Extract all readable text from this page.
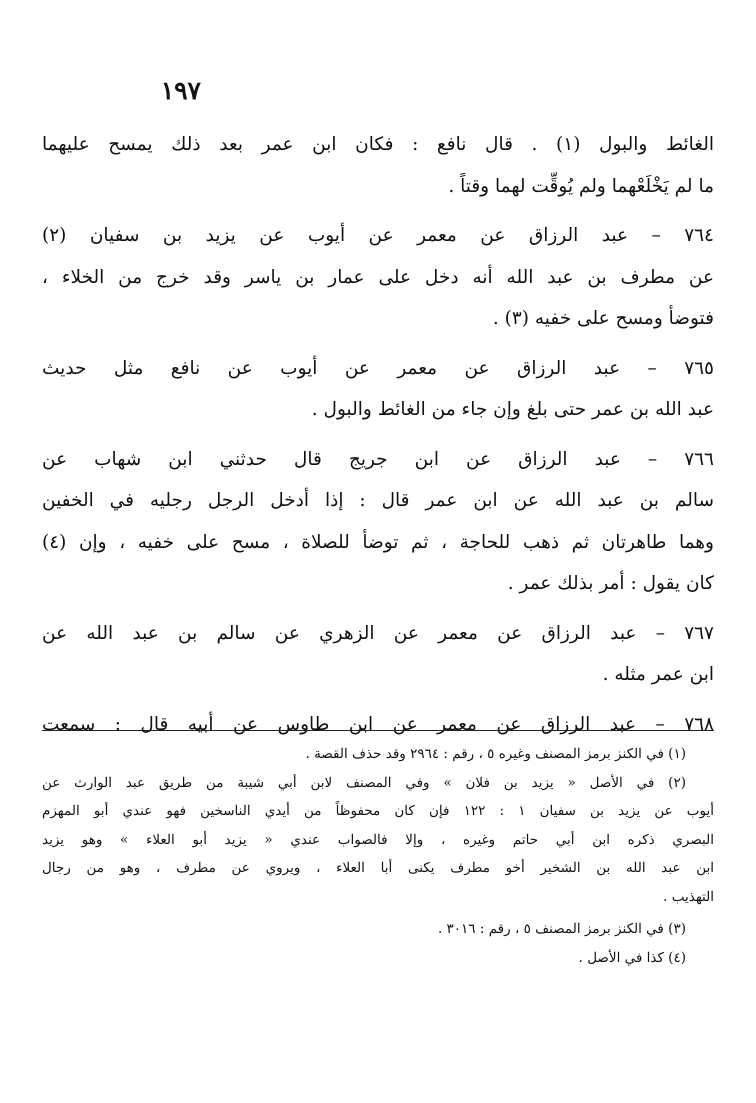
١٩٧
الغائط والبول (١) . قال نافع : فكان ابن عمر بعد ذلك يمسح عليهما
ما لم يَخْلَعْهما ولم يُوقِّت لهما وقتاً .
٧٦٤ – عبد الرزاق عن معمر عن أيوب عن يزيد بن سفيان (٢)
عن مطرف بن عبد الله أنه دخل على عمار بن ياسر وقد خرج من الخلاء ،
فتوضأ ومسح على خفيه (٣) .
٧٦٥ – عبد الرزاق عن معمر عن أيوب عن نافع مثل حديث
عبد الله بن عمر حتى بلغ وإن جاء من الغائط والبول .
٧٦٦ – عبد الرزاق عن ابن جريج قال حدثني ابن شهاب عن
سالم بن عبد الله عن ابن عمر قال : إذا أدخل الرجل رجليه في الخفين
وهما طاهرتان ثم ذهب للحاجة ، ثم توضأ للصلاة ، مسح على خفيه ، وإن (٤)
كان يقول : أمر بذلك عمر .
٧٦٧ – عبد الرزاق عن معمر عن الزهري عن سالم بن عبد الله عن
ابن عمر مثله .
٧٦٨ – عبد الرزاق عن معمر عن ابن طاوس عن أبيه قال : سمعت
(١) في الكنز برمز المصنف وغيره ٥ ، رقم : ٢٩٦٤ وقد حذف القصة .
(٢) في الأصل « يزيد بن فلان » وفي المصنف لابن أبي شيبة من طريق عبد الوارث عن
أيوب عن يزيد بن سفيان ١ : ١٢٢ فإن كان محفوظاً من أيدي الناسخين فهو عندي أبو المهزم
البصري ذكره ابن أبي حاتم وغيره ، وإلا فالصواب عندي « يزيد أبو العلاء » وهو يزيد
ابن عبد الله بن الشخير أخو مطرف يكنى أبا العلاء ، ويروي عن مطرف ، وهو من رجال
التهذيب .
(٣) في الكنز برمز المصنف ٥ ، رقم : ٣٠١٦ .
(٤) كذا في الأصل .
